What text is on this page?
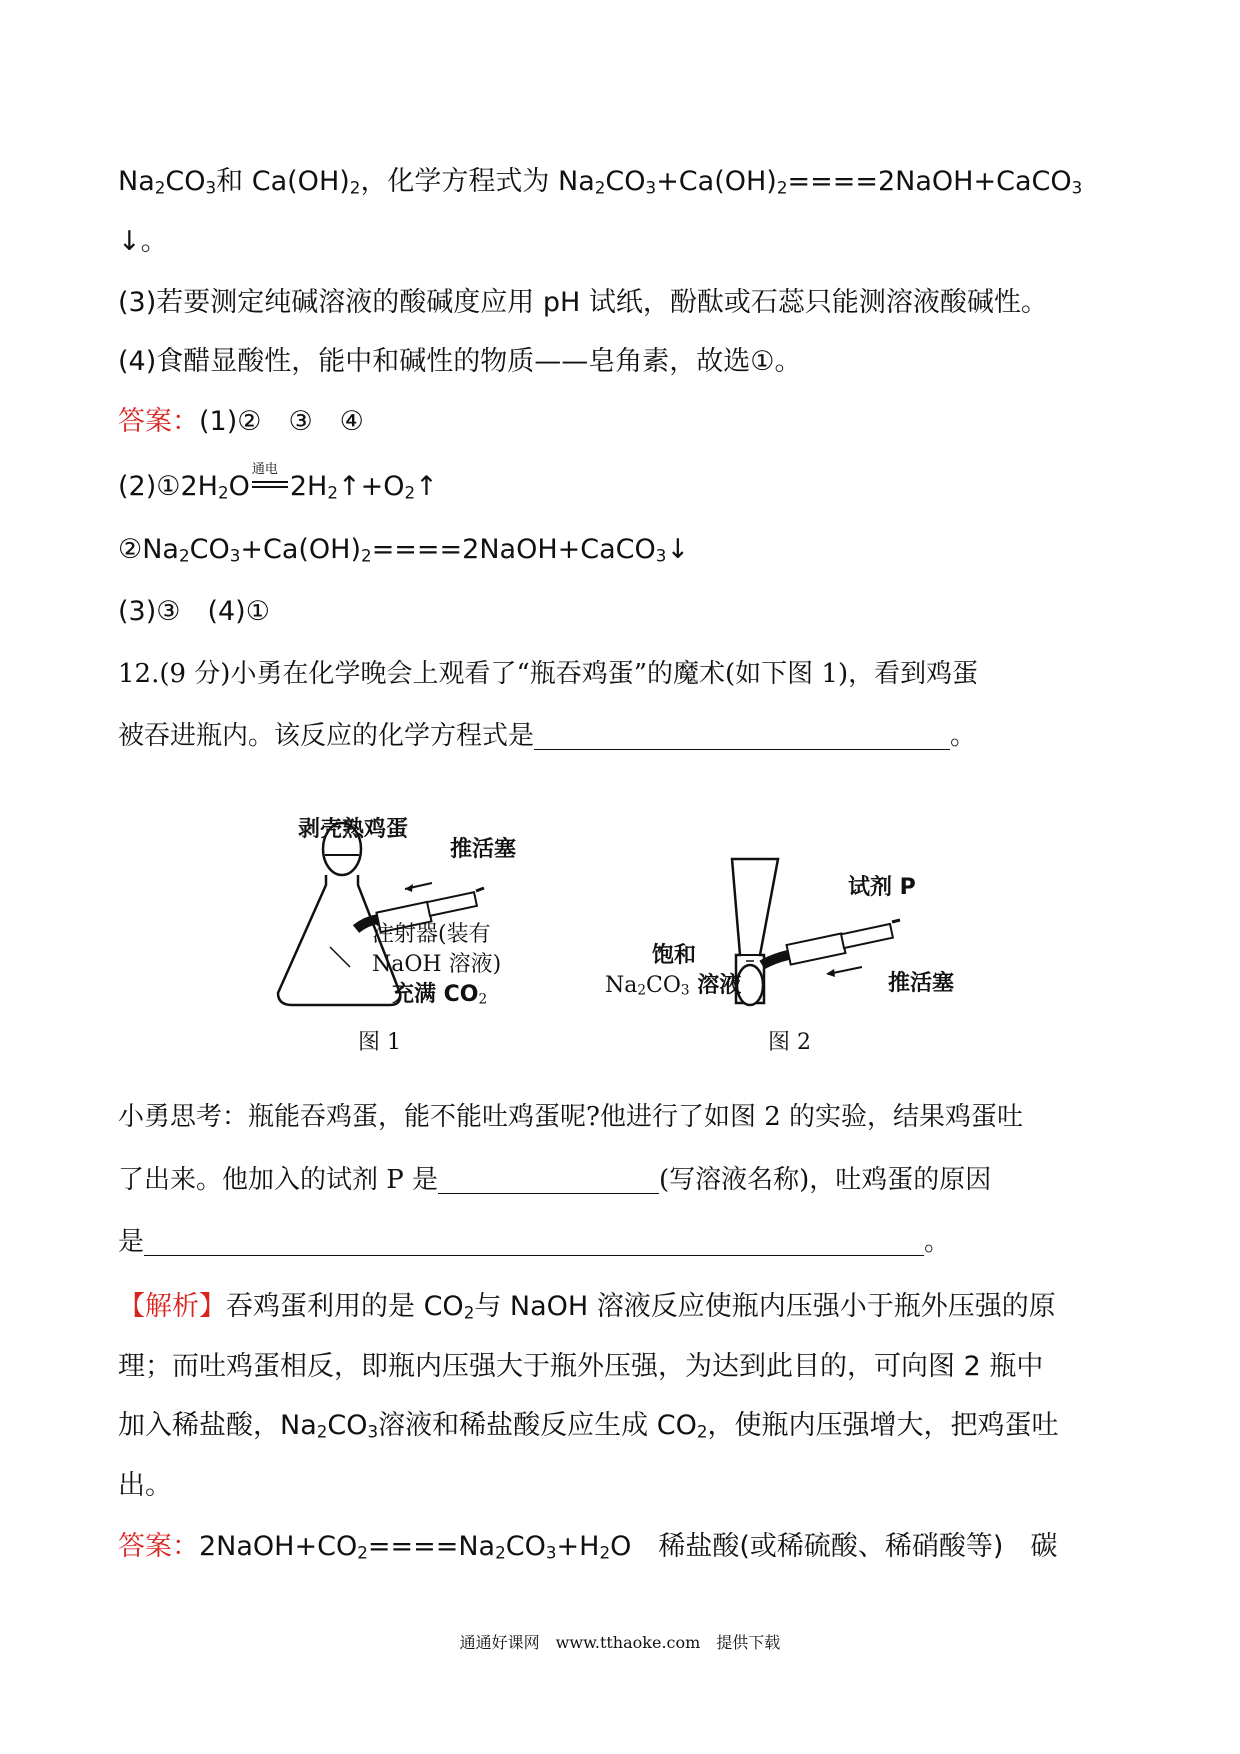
$Na_2CO_3$和 $Ca(OH)_2$，化学方程式为 $Na_2CO_3+Ca(OH)_2====2NaOH+CaCO_3$
↓。
(3)若要测定纯碱溶液的酸碱度应用 pH 试纸，酚酞或石蕊只能测溶液酸碱性。
(4)食醋显酸性，能中和碱性的物质——皂角素，故选①。
答案：(1)②　③　④
$(2)①2H_2O$
通电
$2H_2↑+O_2↑$
$②Na_2CO_3+Ca(OH)_2====2NaOH+CaCO_3↓$
(3)③　(4)①
12.(9 分)小勇在化学晚会上观看了“瓶吞鸡蛋”的魔术(如下图 1)，看到鸡蛋
被吞进瓶内。该反应的化学方程式是________________________________。
剥壳熟鸡蛋
推活塞
注射器(装有
NaOH 溶液)
充满 $CO_2$
图 1
试剂 P
饱和
$Na_2CO_3$ 溶液	推活塞
图 2
小勇思考：瓶能吞鸡蛋，能不能吐鸡蛋呢?他进行了如图 2 的实验，结果鸡蛋吐
了出来。他加入的试剂 P 是_________________(写溶液名称)，吐鸡蛋的原因
是____________________________________________________________。
【解析】吞鸡蛋利用的是 $CO_2$与 NaOH 溶液反应使瓶内压强小于瓶外压强的原
理；而吐鸡蛋相反，即瓶内压强大于瓶外压强，为达到此目的，可向图 2 瓶中
加入稀盐酸，$Na_2CO_3$溶液和稀盐酸反应生成 $CO_2$，使瓶内压强增大，把鸡蛋吐
出。
答案：$2NaOH+CO_2====Na_2CO_3+H_2O$　稀盐酸(或稀硫酸、稀硝酸等)　碳
通通好课网　www.tthaoke.com　提供下载
